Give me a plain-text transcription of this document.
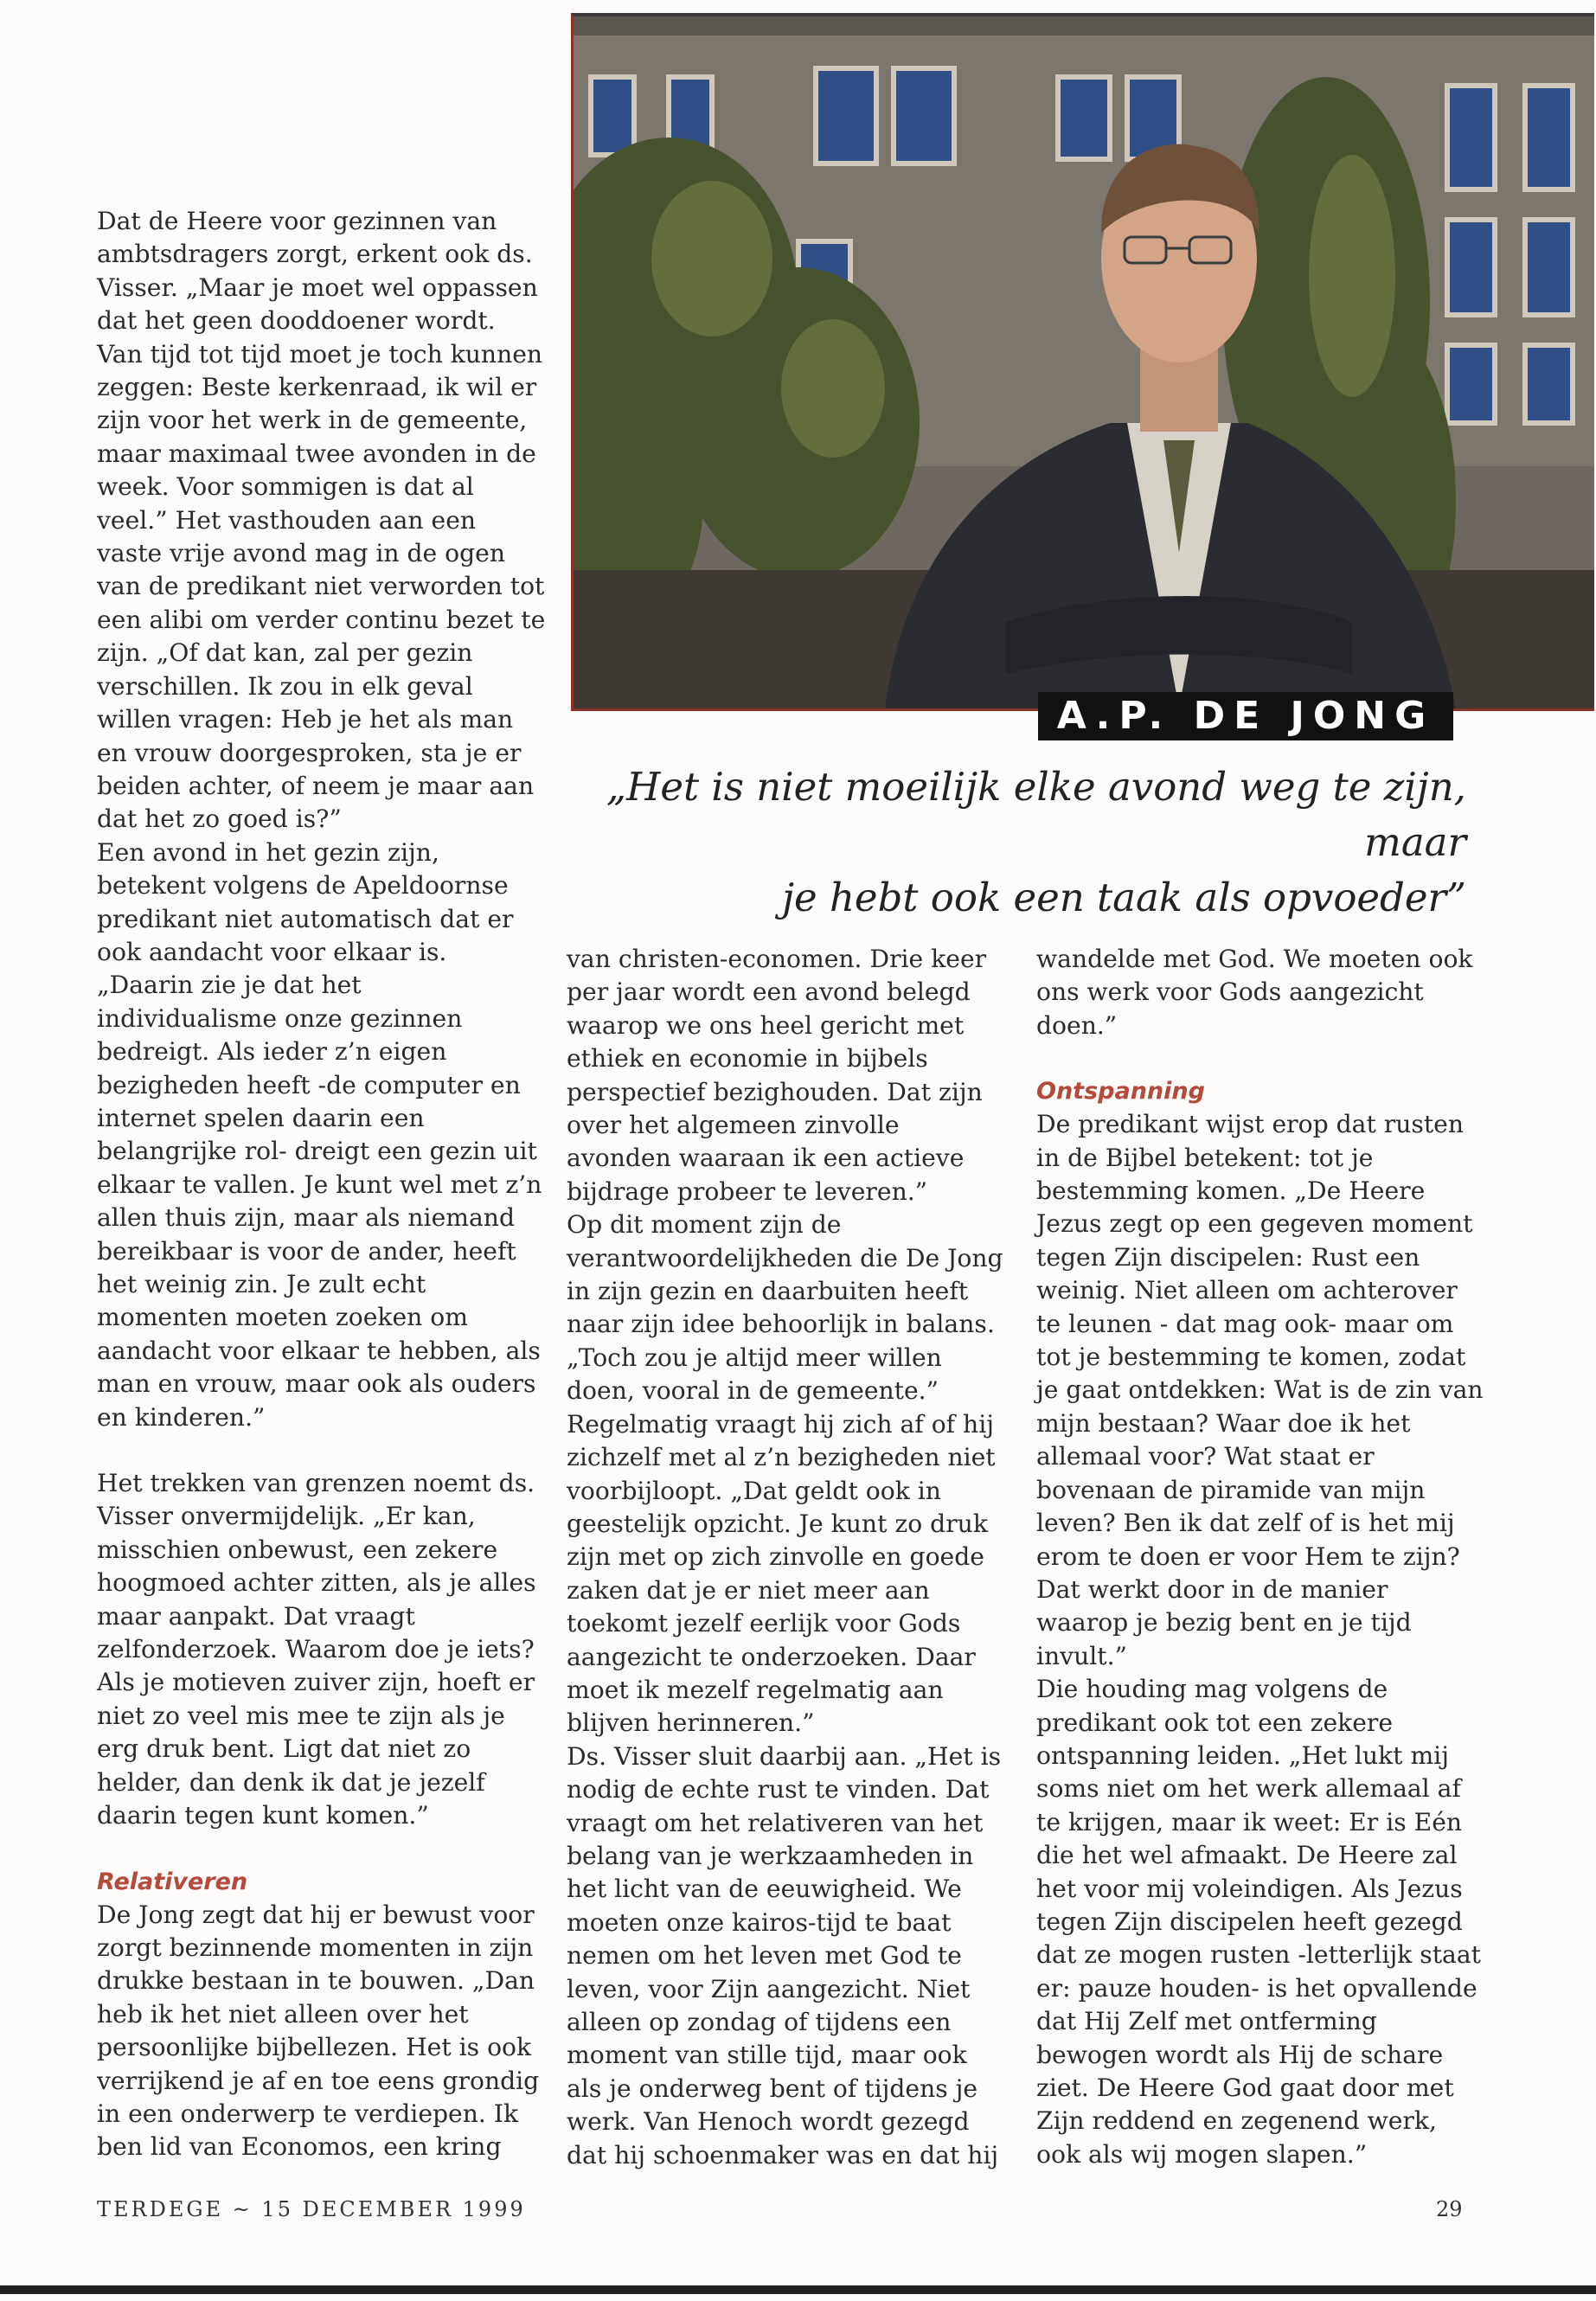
A.P. DE JONG
„Het is niet moeilijk elke avond weg te zijn, maar
je hebt ook een taak als opvoeder”

Dat de Heere voor gezinnen van ambtsdragers zorgt, erkent ook ds. Visser. „Maar je moet wel oppassen dat het geen dooddoener wordt. Van tijd tot tijd moet je toch kunnen zeggen: Beste kerkenraad, ik wil er zijn voor het werk in de gemeente, maar maximaal twee avonden in de week. Voor sommigen is dat al veel.” Het vasthouden aan een vaste vrije avond mag in de ogen van de predikant niet verworden tot een alibi om verder continu bezet te zijn. „Of dat kan, zal per gezin verschillen. Ik zou in elk geval willen vragen: Heb je het als man en vrouw doorgesproken, sta je er beiden achter, of neem je maar aan dat het zo goed is?”

Een avond in het gezin zijn, betekent volgens de Apeldoornse predikant niet automatisch dat er ook aandacht voor elkaar is. „Daarin zie je dat het individualisme onze gezinnen bedreigt. Als ieder z’n eigen bezigheden heeft -de computer en internet spelen daarin een belangrijke rol- dreigt een gezin uit elkaar te vallen. Je kunt wel met z’n allen thuis zijn, maar als niemand bereikbaar is voor de ander, heeft het weinig zin. Je zult echt momenten moeten zoeken om aandacht voor elkaar te hebben, als man en vrouw, maar ook als ouders en kinderen.”

Het trekken van grenzen noemt ds. Visser onvermijdelijk. „Er kan, misschien onbewust, een zekere hoogmoed achter zitten, als je alles maar aanpakt. Dat vraagt zelfonderzoek. Waarom doe je iets? Als je motieven zuiver zijn, hoeft er niet zo veel mis mee te zijn als je erg druk bent. Ligt dat niet zo helder, dan denk ik dat je jezelf daarin tegen kunt komen.”

Relativeren

De Jong zegt dat hij er bewust voor zorgt bezinnende momenten in zijn drukke bestaan in te bouwen. „Dan heb ik het niet alleen over het persoonlijke bijbellezen. Het is ook verrijkend je af en toe eens grondig in een onderwerp te verdiepen. Ik ben lid van Economos, een kring

van christen-economen. Drie keer per jaar wordt een avond belegd waarop we ons heel gericht met ethiek en economie in bijbels perspectief bezighouden. Dat zijn over het algemeen zinvolle avonden waaraan ik een actieve bijdrage probeer te leveren.”

Op dit moment zijn de verantwoordelijkheden die De Jong in zijn gezin en daarbuiten heeft naar zijn idee behoorlijk in balans. „Toch zou je altijd meer willen doen, vooral in de gemeente.” Regelmatig vraagt hij zich af of hij zichzelf met al z’n bezigheden niet voorbijloopt. „Dat geldt ook in geestelijk opzicht. Je kunt zo druk zijn met op zich zinvolle en goede zaken dat je er niet meer aan toekomt jezelf eerlijk voor Gods aangezicht te onderzoeken. Daar moet ik mezelf regelmatig aan blijven herinneren.”

Ds. Visser sluit daarbij aan. „Het is nodig de echte rust te vinden. Dat vraagt om het relativeren van het belang van je werkzaamheden in het licht van de eeuwigheid. We moeten onze kairos-tijd te baat nemen om het leven met God te leven, voor Zijn aangezicht. Niet alleen op zondag of tijdens een moment van stille tijd, maar ook als je onderweg bent of tijdens je werk. Van Henoch wordt gezegd dat hij schoenmaker was en dat hij

wandelde met God. We moeten ook ons werk voor Gods aangezicht doen.”

Ontspanning

De predikant wijst erop dat rusten in de Bijbel betekent: tot je bestemming komen. „De Heere Jezus zegt op een gegeven moment tegen Zijn discipelen: Rust een weinig. Niet alleen om achterover te leunen - dat mag ook- maar om tot je bestemming te komen, zodat je gaat ontdekken: Wat is de zin van mijn bestaan? Waar doe ik het allemaal voor? Wat staat er bovenaan de piramide van mijn leven? Ben ik dat zelf of is het mij erom te doen er voor Hem te zijn? Dat werkt door in de manier waarop je bezig bent en je tijd invult.”

Die houding mag volgens de predikant ook tot een zekere ontspanning leiden. „Het lukt mij soms niet om het werk allemaal af te krijgen, maar ik weet: Er is Eén die het wel afmaakt. De Heere zal het voor mij voleindigen. Als Jezus tegen Zijn discipelen heeft gezegd dat ze mogen rusten -letterlijk staat er: pauze houden- is het opvallende dat Hij Zelf met ontferming bewogen wordt als Hij de schare ziet. De Heere God gaat door met Zijn reddend en zegenend werk, ook als wij mogen slapen.”

TERDEGE ~ 15 DECEMBER 1999	29
